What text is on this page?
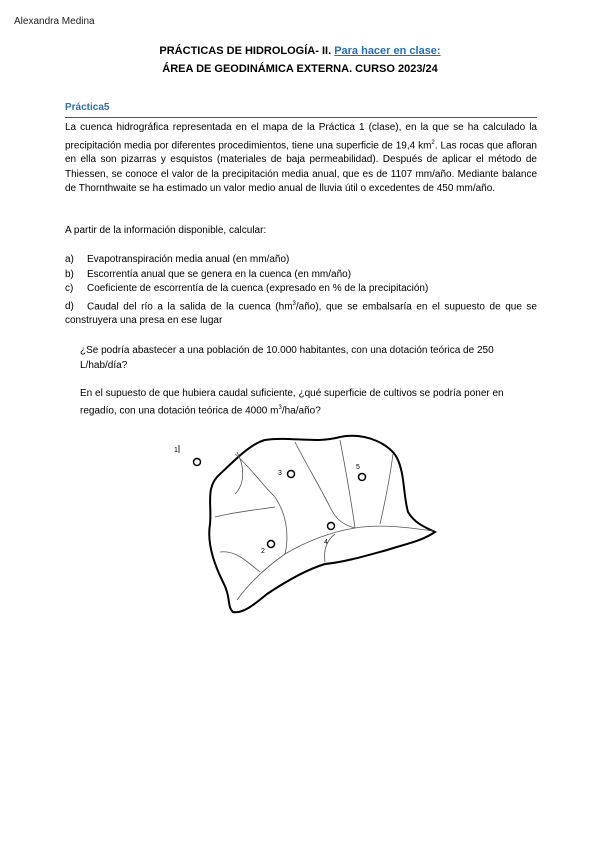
Alexandra Medina
PRÁCTICAS DE HIDROLOGÍA- II. Para hacer en clase:
ÁREA DE GEODINÁMICA EXTERNA. CURSO 2023/24
Práctica5
La cuenca hidrográfica representada en el mapa de la Práctica 1 (clase), en la que se ha calculado la precipitación media por diferentes procedimientos, tiene una superficie de 19,4 $km^2$. Las rocas que afloran en ella son pizarras y esquistos (materiales de baja permeabilidad). Después de aplicar el método de Thiessen, se conoce el valor de la precipitación media anual, que es de 1107 mm/año. Mediante balance de Thornthwaite se ha estimado un valor medio anual de lluvia útil o excedentes de 450 mm/año.
A partir de la información disponible, calcular:
a) Evapotranspiración media anual (en mm/año)
b) Escorrentía anual que se genera en la cuenca (en mm/año)
c) Coeficiente de escorrentía de la cuenca (expresado en % de la precipitación)
d) Caudal del río a la salida de la cuenca $(hm^3/año)$, que se embalsaría en el supuesto de que se construyera una presa en ese lugar
¿Se podría abastecer a una población de 10.000 habitantes, con una dotación teórica de 250 L/hab/día?
En el supuesto de que hubiera caudal suficiente, ¿qué superficie de cultivos se podría poner en regadío, con una dotación teórica de 4000 $m^3/ha$/año?
1
2
3
4
5
